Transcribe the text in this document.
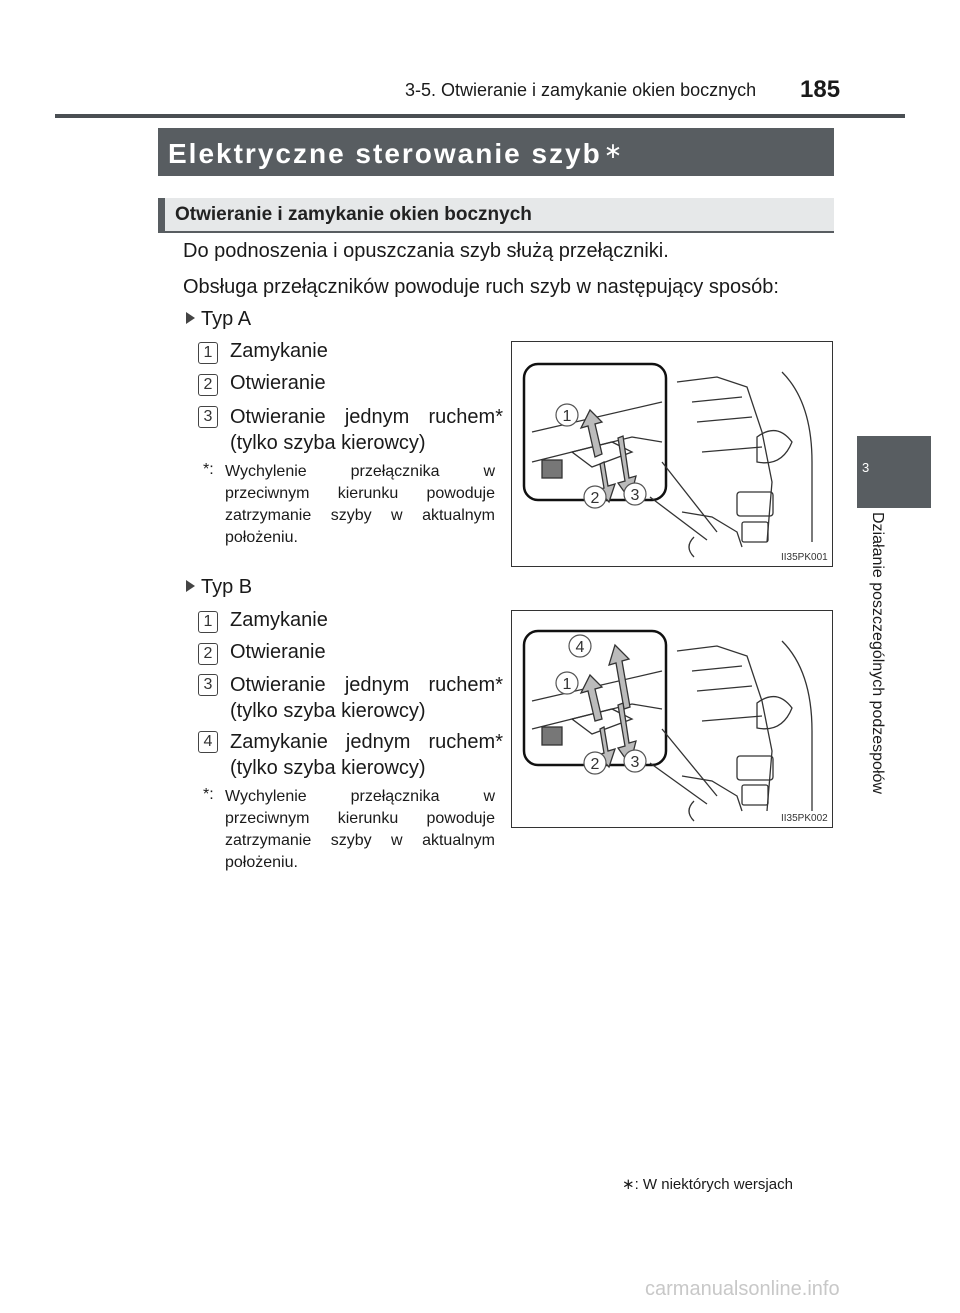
3-5. Otwieranie i zamykanie okien bocznych 185
Elektryczne sterowanie szyb∗
Otwieranie i zamykanie okien bocznych
Do podnoszenia i opuszczania szyb służą przełączniki.
Obsługa przełączników powoduje ruch szyb w następujący sposób:
Typ A
1 Zamykanie
2 Otwieranie
3 Otwieranie jednym ruchem* (tylko szyba kierowcy)
*: Wychylenie przełącznika w przeciwnym kierunku powoduje zatrzymanie szyby w aktualnym położeniu.
1
2 3
II35PK001
Typ B
1 Zamykanie
2 Otwieranie
3 Otwieranie jednym ruchem* (tylko szyba kierowcy)
4 Zamykanie jednym ruchem* (tylko szyba kierowcy)
*: Wychylenie przełącznika w przeciwnym kierunku powoduje zatrzymanie szyby w aktualnym położeniu.
4
1
2 3
II35PK002
3
Działanie poszczególnych podzespołów
∗: W niektórych wersjach
carmanualsonline.info
